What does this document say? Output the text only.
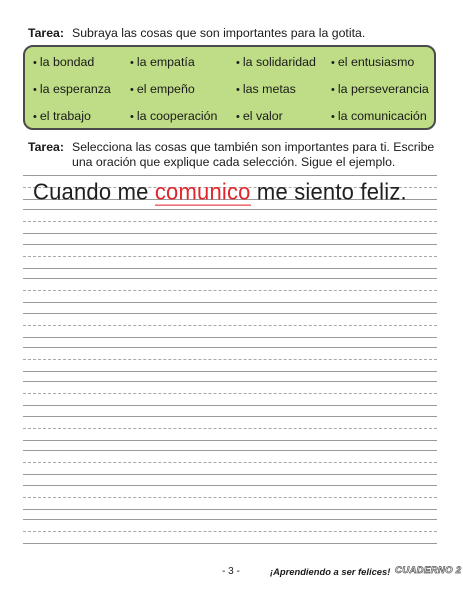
Tarea: Subraya las cosas que son importantes para la gotita.
• la bondad	• la empatía	• la solidaridad • el entusiasmo
• la esperanza • el empeño	• las metas	• la perseverancia
• el trabajo	• la cooperación • el valor	• la comunicación
Tarea: Selecciona las cosas que también son importantes para ti. Escribe una oración que explique cada selección. Sigue el ejemplo.
Cuando me comunico me siento feliz.
- 3 -	¡Aprendiendo a ser felices! CUADERNO 2
